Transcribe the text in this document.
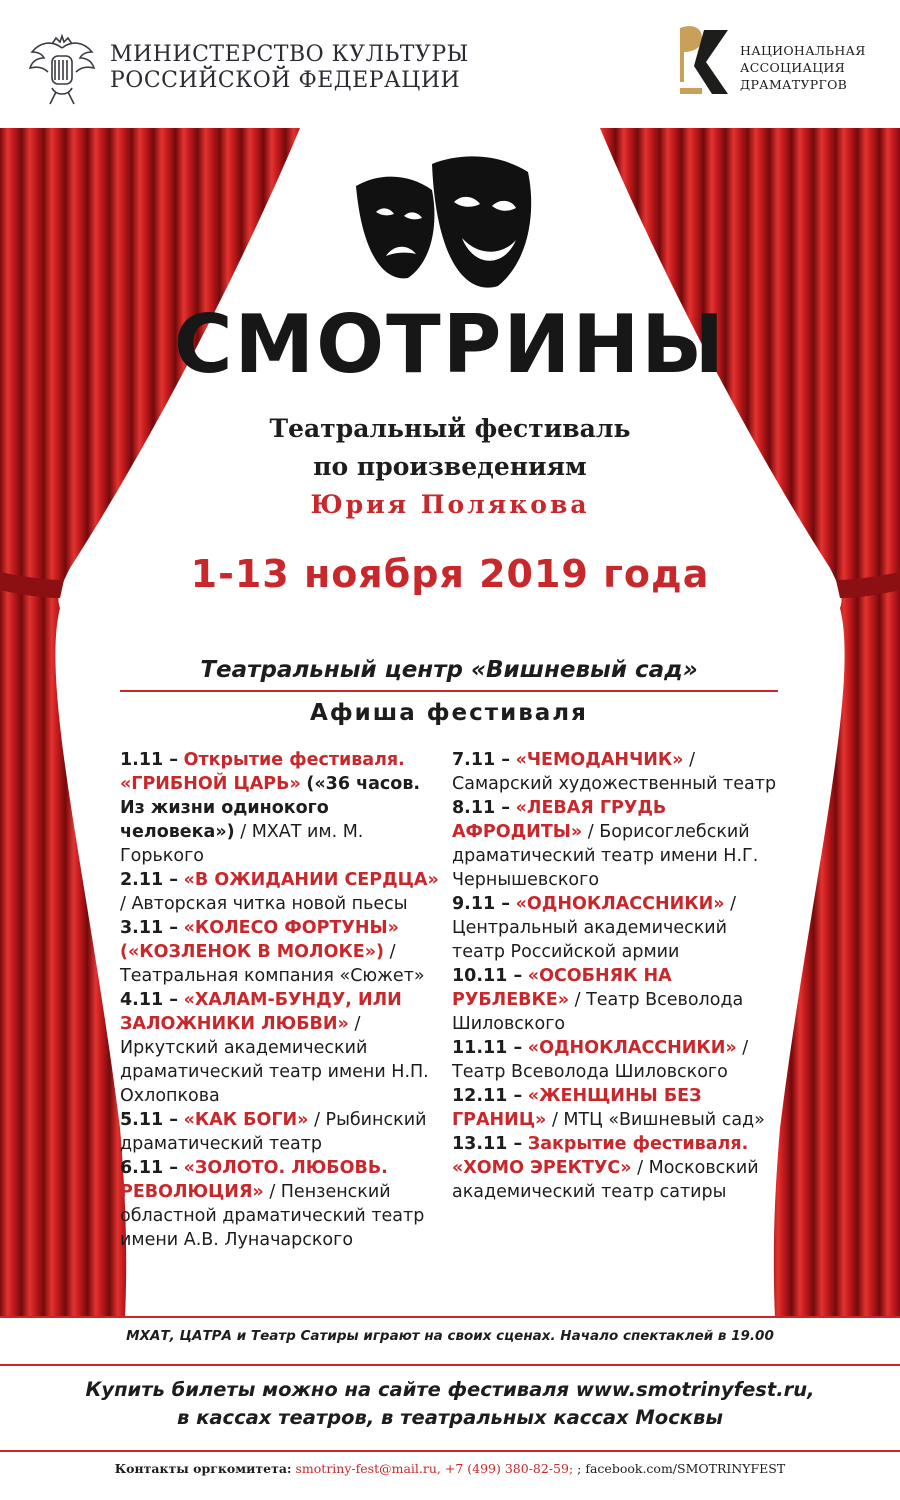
МИНИСТЕРСТВО КУЛЬТУРЫ
РОССИЙСКОЙ ФЕДЕРАЦИИ
НАЦИОНАЛЬНАЯ
АССОЦИАЦИЯ
ДРАМАТУРГОВ
СМОТРИНЫ
Театральный фестиваль
по произведениям
Юрия Полякова
1-13 ноября 2019 года
Театральный центр «Вишневый сад»
Афиша фестиваля

1.11 – Открытие фестиваля. «ГРИБНОЙ ЦАРЬ» («36 часов. Из жизни одинокого человека») / МХАТ им. М. Горького

2.11 – «В ОЖИДАНИИ СЕРДЦА» / Авторская читка новой пьесы

3.11 – «КОЛЕСО ФОРТУНЫ» («КОЗЛЕНОК В МОЛОКЕ») / Театральная компания «Сюжет»

4.11 – «ХАЛАМ-БУНДУ, ИЛИ ЗАЛОЖНИКИ ЛЮБВИ» / Иркутский академический драматический театр имени Н.П. Охлопкова

5.11 – «КАК БОГИ» / Рыбинский драматический театр

6.11 – «ЗОЛОТО. ЛЮБОВЬ. РЕВОЛЮЦИЯ» / Пензенский областной драматический театр имени А.В. Луначарского

7.11 – «ЧЕМОДАНЧИК» / Самарский художественный театр

8.11 – «ЛЕВАЯ ГРУДЬ АФРОДИТЫ» / Борисоглебский драматический театр имени Н.Г. Чернышевского

9.11 – «ОДНОКЛАССНИКИ» / Центральный академический театр Российской армии

10.11 – «ОСОБНЯК НА РУБЛЕВКЕ» / Театр Всеволода Шиловского

11.11 – «ОДНОКЛАССНИКИ» / Театр Всеволода Шиловского

12.11 – «ЖЕНЩИНЫ БЕЗ ГРАНИЦ» / МТЦ «Вишневый сад»

13.11 – Закрытие фестиваля. «ХОМО ЭРЕКТУС» / Московский академический театр сатиры

МХАТ, ЦАТРА и Театр Сатиры играют на своих сценах. Начало спектаклей в 19.00
Купить билеты можно на сайте фестиваля www.smotrinyfest.ru,
в кассах театров, в театральных кассах Москвы
Контакты оргкомитета: smotriny-fest@mail.ru, +7 (499) 380-82-59; ; facebook.com/SMOTRINYFEST
